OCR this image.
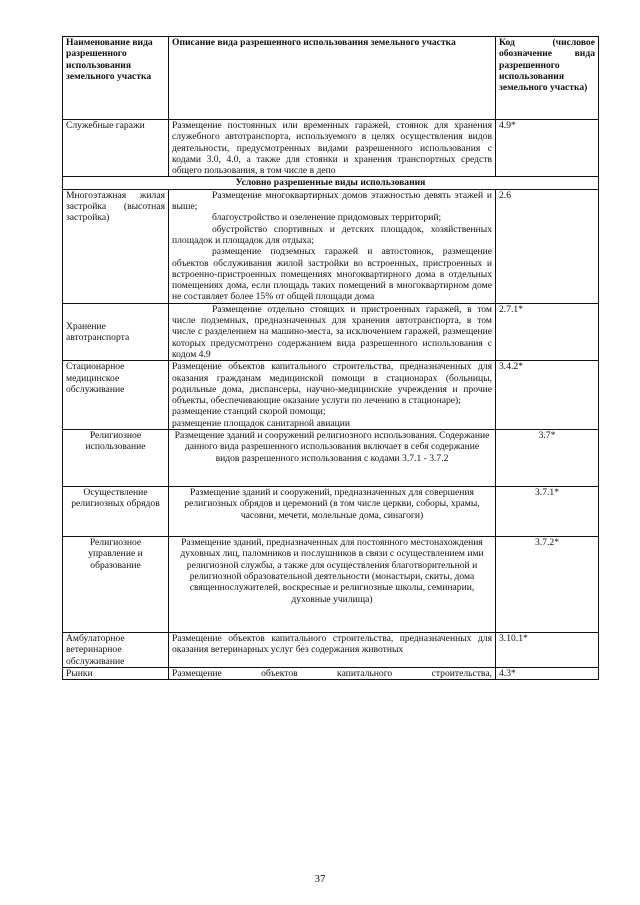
Наименование вида разрешенного использования земельного участка	Описание вида разрешенного использования земельного участка	Код (числовое обозначение вида разрешенного использования земельного участка)
Служебные гаражи	Размещение постоянных или временных гаражей, стоянок для хранения служебного автотранспорта, используемого в целях осуществления видов деятельности, предусмотренных видами разрешенного использования с кодами 3.0, 4.0, а также для стоянки и хранения транспортных средств общего пользования, в том числе в депо	4.9*
Условно разрешенные виды использования		
Многоэтажная жилая застройка (высотная застройка)	Размещение многоквартирных домов этажностью девять этажей и выше;

благоустройство и озеленение придомовых территорий;

обустройство спортивных и детских площадок, хозяйственных площадок и площадок для отдыха;

размещение подземных гаражей и автостоянок, размещение объектов обслуживания жилой застройки во встроенных, пристроенных и встроенно-пристроенных помещениях многоквартирного дома в отдельных помещениях дома, если площадь таких помещений в многоквартирном доме не составляет более 15% от общей площади дома	2.6
Хранение автотранспорта	Размещение отдельно стоящих и пристроенных гаражей, в том числе подземных, предназначенных для хранения автотранспорта, в том числе с разделением на машино-места, за исключением гаражей, размещение которых предусмотрено содержанием вида разрешенного использования с кодом 4.9	2.7.1*
Стационарное медицинское обслуживание	Размещение объектов капитального строительства, предназначенных для оказания гражданам медицинской помощи в стационарах (больницы, родильные дома, диспансеры, научно-медицинские учреждения и прочие объекты, обеспечивающие оказание услуги по лечению в стационаре);

размещение станций скорой помощи;

размещение площадок санитарной авиации	3.4.2*
Религиозное использование	Размещение зданий и сооружений религиозного использования. Содержание данного вида разрешенного использования включает в себя содержание видов разрешенного использования с кодами 3.7.1 - 3.7.2	3.7*
Осуществление религиозных обрядов	Размещение зданий и сооружений, предназначенных для совершения религиозных обрядов и церемоний (в том числе церкви, соборы, храмы, часовни, мечети, молельные дома, синагоги)	3.7.1*
Религиозное управление и образование	Размещение зданий, предназначенных для постоянного местонахождения духовных лиц, паломников и послушников в связи с осуществлением ими религиозной службы, а также для осуществления благотворительной и религиозной образовательной деятельности (монастыри, скиты, дома священнослужителей, воскресные и религиозные школы, семинарии, духовные училища)	3.7.2*
Амбулаторное ветеринарное обслуживание	Размещение объектов капитального строительства, предназначенных для оказания ветеринарных услуг без содержания животных	3.10.1*
Рынки	Размещение объектов капитального строительства,	4.3*
37
